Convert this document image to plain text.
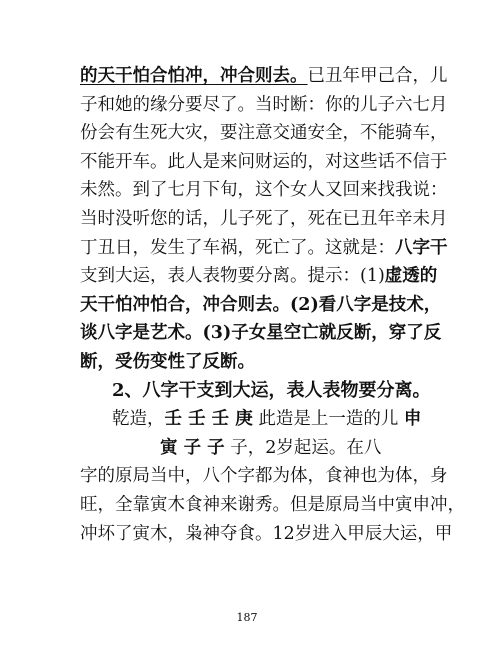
的天干怕合怕冲，冲合则去。已丑年甲己合，儿
子和她的缘分要尽了。当时断：你的儿子六七月
份会有生死大灾，要注意交通安全，不能骑车，
不能开车。此人是来问财运的，对这些话不信于
未然。到了七月下旬，这个女人又回来找我说：
当时没听您的话，儿子死了，死在已丑年辛未月
丁丑日，发生了车祸，死亡了。这就是：八字干
支到大运，表人表物要分离。提示：(1)虚透的
天干怕冲怕合，冲合则去。(2)看八字是技术，
谈八字是艺术。(3)子女星空亡就反断，穿了反
断，受伤变性了反断。
2、八字干支到大运，表人表物要分离。
乾造，壬 壬 壬 庚 此造是上一造的儿 申
寅 子 子 子，2岁起运。在八
字的原局当中，八个字都为体，食神也为体，身
旺，全靠寅木食神来谢秀。但是原局当中寅申冲，
冲坏了寅木，枭神夺食。12岁进入甲辰大运，甲
187
